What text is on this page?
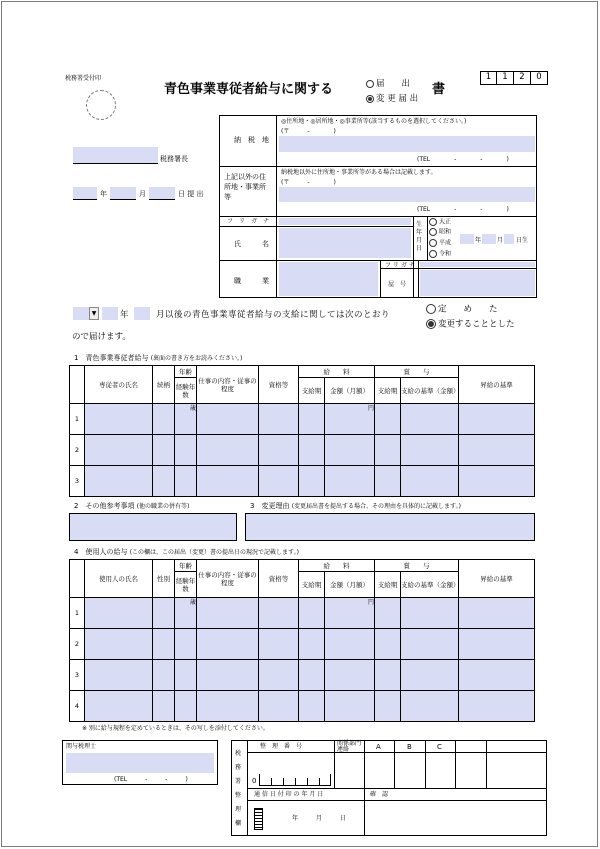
税務署受付印
青色事業専従者給与に関する	届　　出
変 更 届 出
書
1	1	2	0
税務署長
年	月	日 提 出
納　税　地
◎住所地・◎居所地・◎事業所等(該当するものを選択してください。)
(〒　　　-　　　　)
(TEL　　　　-　　　　-　　　　)
上記以外の住所地・事業所等
納税地以外に住所地・事業所等がある場合は記載します。
(〒　　　-　　　　)
(TEL　　　　-　　　　-　　　　)
フ　リ　ガ　ナ
氏　　　名
生年月日
大正
昭和
平成
令和
年	月 日生
職　　　業
フ リ ガ ナ
屋　号
▼	年　　　月以後の青色事業専従者給与の支給に関しては次のとおり
ので届けます。
定　　め　　た
変更することとした
1　青色事業専従者給与 (裏面の書き方をお読みください。)
	専従者の氏名	続柄	年齢	仕事の内容・従事の程度	資格等	給　　料		賞　　与		昇給の基準
			経験年数			支給期	金額（月額）	支給期	支給の基準（金額）	
1			歳				円			
2										
3										
2　その他参考事項 (他の職業の併有等)	3　変更理由 (変更届出書を提出する場合、その理由を具体的に記載します。)
4　使用人の給与 (この欄は、この届出（変更）書の提出日の現況で記載します。)
	使用人の氏名	性別	年齢	仕事の内容・従事の程度	資格等	給　　料		賞　　与		昇給の基準
			経験年数			支給期	金額（月額）	支給期	支給の基準（金額）	
1			歳				円			
2										
3										
4										
※ 別に給与規程を定めているときは、その写しを添付してください。
関与税理士
(TEL　　　-　　　-　　　)
税務署整理欄
整　理　番　号	関係部門連絡	A	B	C
0
通 信 日 付 印 の 年 月 日	確　認
年　　　月　　　日
